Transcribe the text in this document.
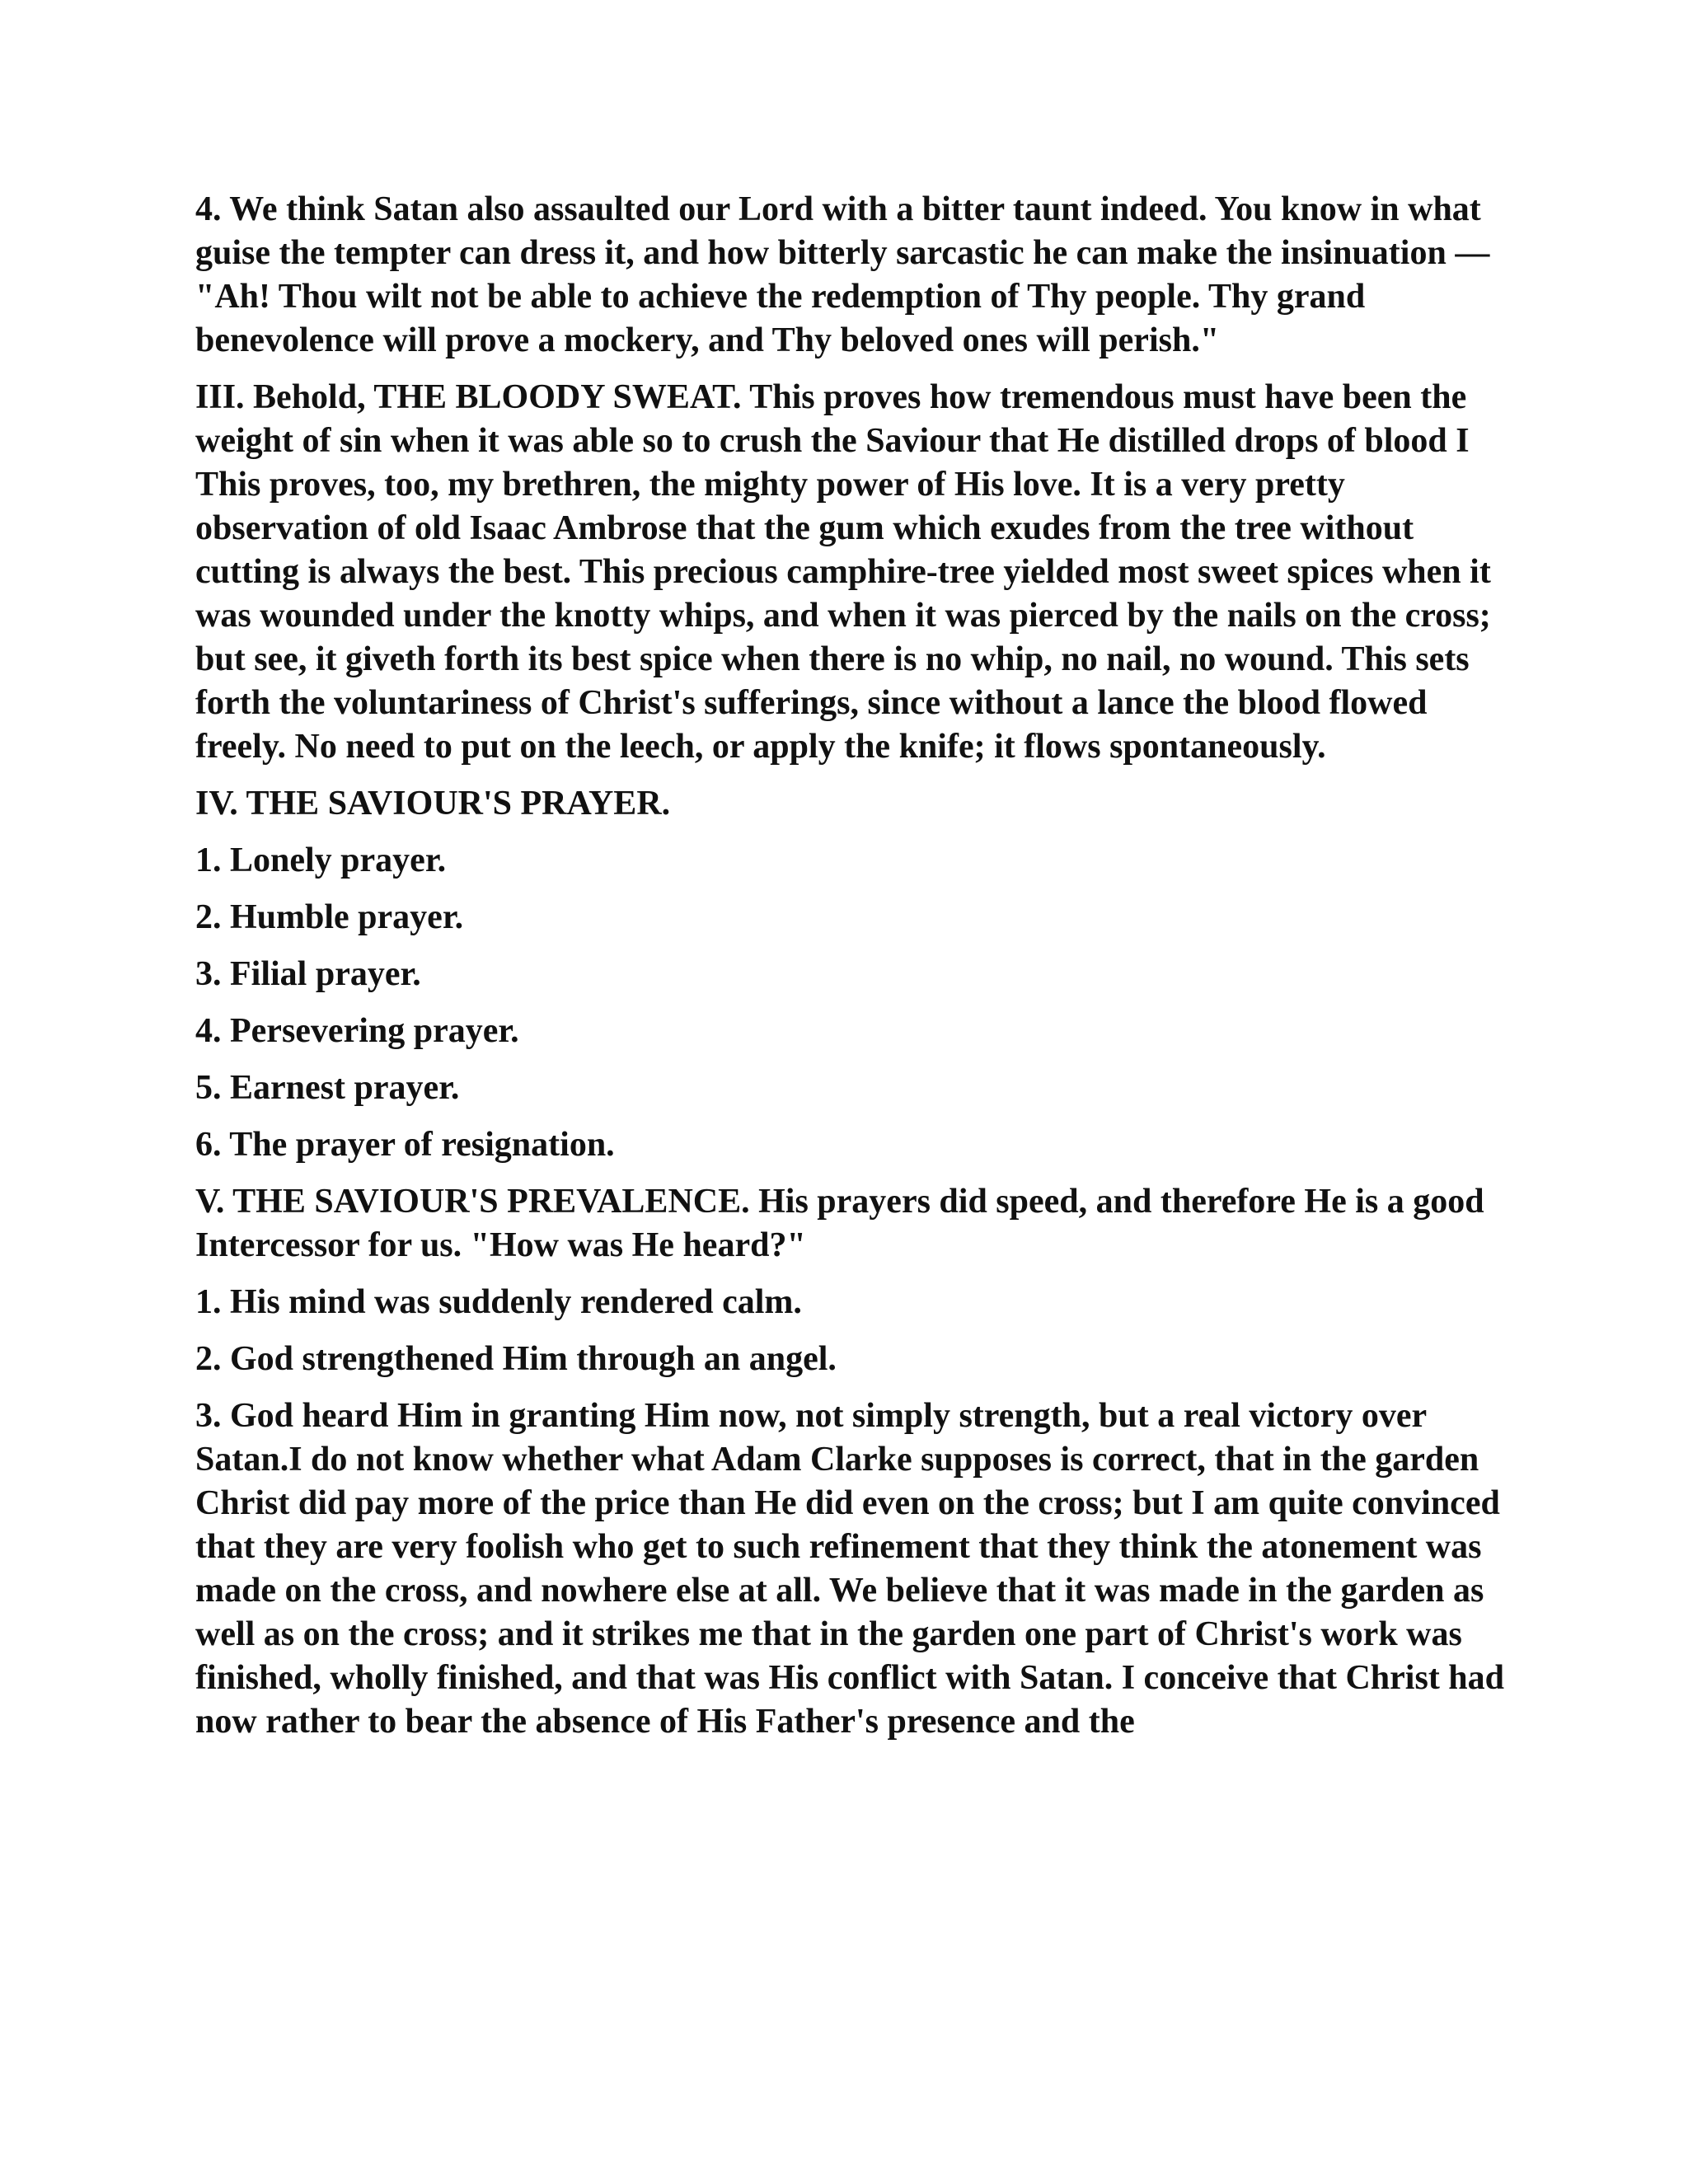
4. We think Satan also assaulted our Lord with a bitter taunt indeed. You know in what guise the tempter can dress it, and how bitterly sarcastic he can make the insinuation — "Ah! Thou wilt not be able to achieve the redemption of Thy people. Thy grand benevolence will prove a mockery, and Thy beloved ones will perish."

III. Behold, THE BLOODY SWEAT. This proves how tremendous must have been the weight of sin when it was able so to crush the Saviour that He distilled drops of blood I This proves, too, my brethren, the mighty power of His love. It is a very pretty observation of old Isaac Ambrose that the gum which exudes from the tree without cutting is always the best. This precious camphire-tree yielded most sweet spices when it was wounded under the knotty whips, and when it was pierced by the nails on the cross; but see, it giveth forth its best spice when there is no whip, no nail, no wound. This sets forth the voluntariness of Christ's sufferings, since without a lance the blood flowed freely. No need to put on the leech, or apply the knife; it flows spontaneously.

IV. THE SAVIOUR'S PRAYER.

1. Lonely prayer.

2. Humble prayer.

3. Filial prayer.

4. Persevering prayer.

5. Earnest prayer.

6. The prayer of resignation.

V. THE SAVIOUR'S PREVALENCE. His prayers did speed, and therefore He is a good Intercessor for us. "How was He heard?"

1. His mind was suddenly rendered calm.

2. God strengthened Him through an angel.

3. God heard Him in granting Him now, not simply strength, but a real victory over Satan.I do not know whether what Adam Clarke supposes is correct, that in the garden Christ did pay more of the price than He did even on the cross; but I am quite convinced that they are very foolish who get to such refinement that they think the atonement was made on the cross, and nowhere else at all. We believe that it was made in the garden as well as on the cross; and it strikes me that in the garden one part of Christ's work was finished, wholly finished, and that was His conflict with Satan. I conceive that Christ had now rather to bear the absence of His Father's presence and the
